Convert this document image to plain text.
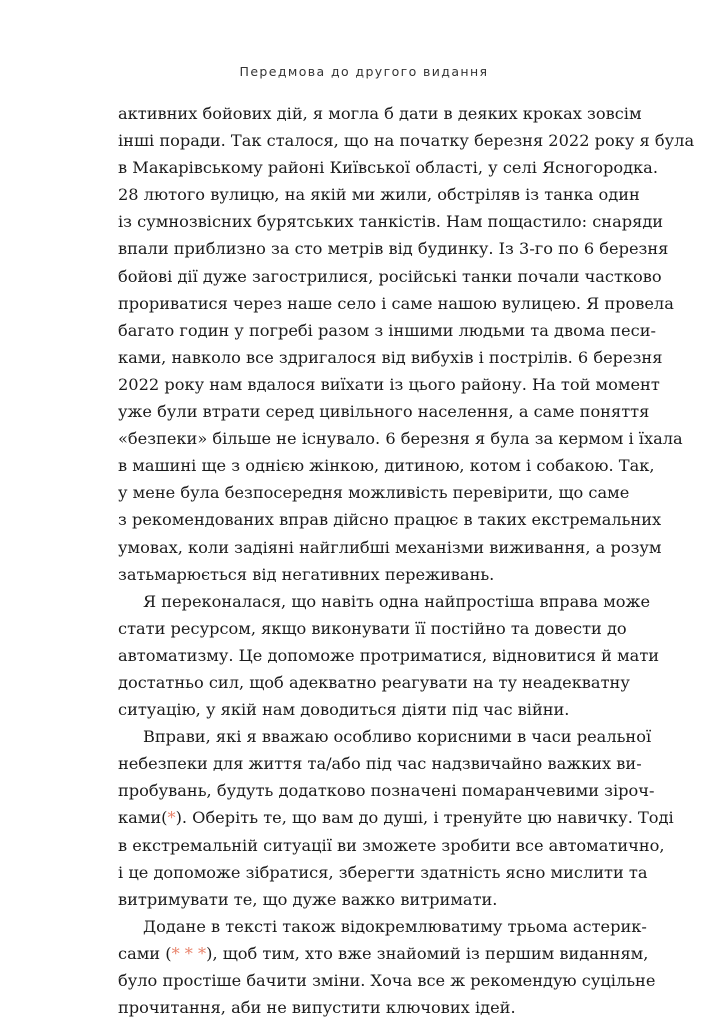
Передмова до другого видання

активних бойових дій, я могла б дати в деяких кроках зовсім
інші поради. Так сталося, що на початку березня 2022 року я була
в Макарівському районі Київської області, у селі Ясногородка.
28 лютого вулицю, на якій ми жили, обстріляв із танка один
із сумнозвісних бурятських танкістів. Нам пощастило: снаряди
впали приблизно за сто метрів від будинку. Із 3-го по 6 березня
бойові дії дуже загострилися, російські танки почали частково
прориватися через наше село і саме нашою вулицею. Я провела
багато годин у погребі разом з іншими людьми та двома песи-
ками, навколо все здригалося від вибухів і пострілів. 6 березня
2022 року нам вдалося виїхати із цього району. На той момент
уже були втрати серед цивільного населення, а саме поняття
«безпеки» більше не існувало. 6 березня я була за кермом і їхала
в машині ще з однією жінкою, дитиною, котом і собакою. Так,
у мене була безпосередня можливість перевірити, що саме
з рекомендованих вправ дійсно працює в таких екстремальних
умовах, коли задіяні найглибші механізми виживання, а розум
затьмарюється від негативних переживань.

Я переконалася, що навіть одна найпростіша вправа може
стати ресурсом, якщо виконувати її постійно та довести до
автоматизму. Це допоможе протриматися, відновитися й мати
достатньо сил, щоб адекватно реагувати на ту неадекватну
ситуацію, у якій нам доводиться діяти під час війни.

Вправи, які я вважаю особливо корисними в часи реальної
небезпеки для життя та/або під час надзвичайно важких ви-
пробувань, будуть додатково позначені помаранчевими зіроч-
ками(*). Оберіть те, що вам до душі, і тренуйте цю навичку. Тоді
в екстремальній ситуації ви зможете зробити все автоматично,
і це допоможе зібратися, зберегти здатність ясно мислити та
витримувати те, що дуже важко витримати.

Додане в тексті також відокремлюватиму трьома астерик-
сами (* * *), щоб тим, хто вже знайомий із першим виданням,
було простіше бачити зміни. Хоча все ж рекомендую суцільне
прочитання, аби не випустити ключових ідей.
